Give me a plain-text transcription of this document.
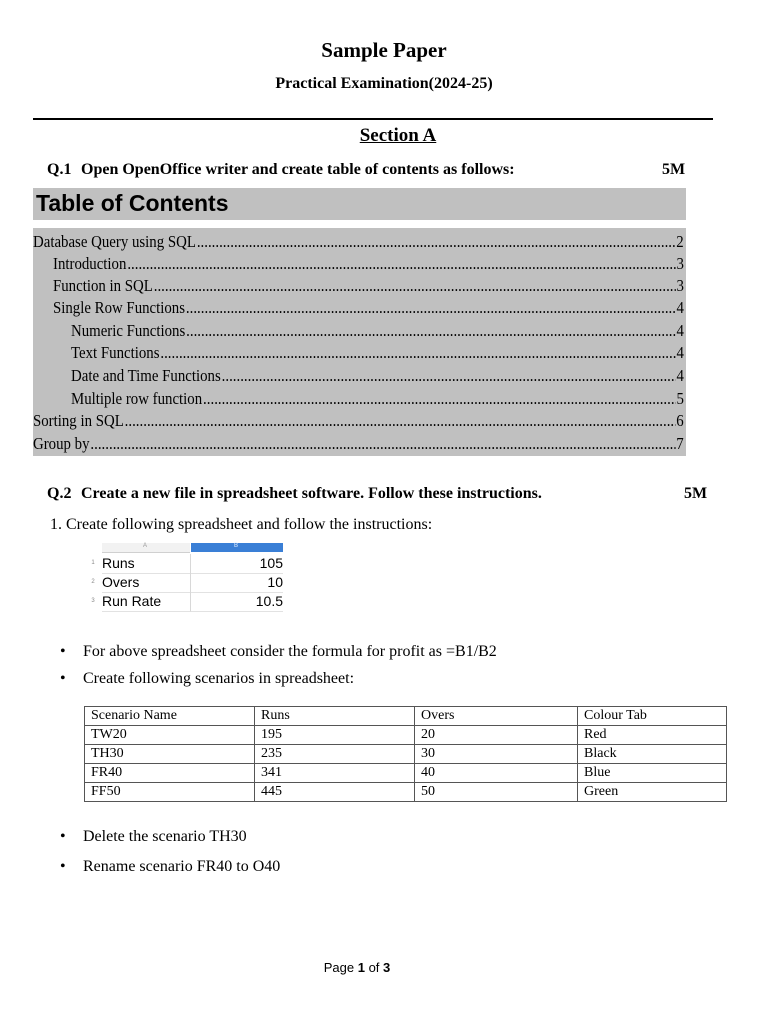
Sample Paper
Practical Examination(2024-25)
Section A
Q.1 Open OpenOffice writer and create table of contents as follows:	5M
Table of Contents
Database Query using SQL .....	2
Introduction .....	3
Function in SQL .....	3
Single Row Functions .....	4
Numeric Functions .....	4
Text Functions .....	4
Date and Time Functions .....	4
Multiple row function .....	5
Sorting in SQL .....	6
Group by .....	7
Q.2 Create a new file in spreadsheet software. Follow these instructions.	5M
1. Create following spreadsheet and follow the instructions:
A	B
1 Runs	105
2 Overs	10
3 Run Rate	10.5
• For above spreadsheet consider the formula for profit as =B1/B2
• Create following scenarios in spreadsheet:
Scenario Name	Runs	Overs	Colour Tab
TW20	195	20	Red
TH30	235	30	Black
FR40	341	40	Blue
FF50	445	50	Green
• Delete the scenario TH30
• Rename scenario FR40 to O40
Page 1 of 3
